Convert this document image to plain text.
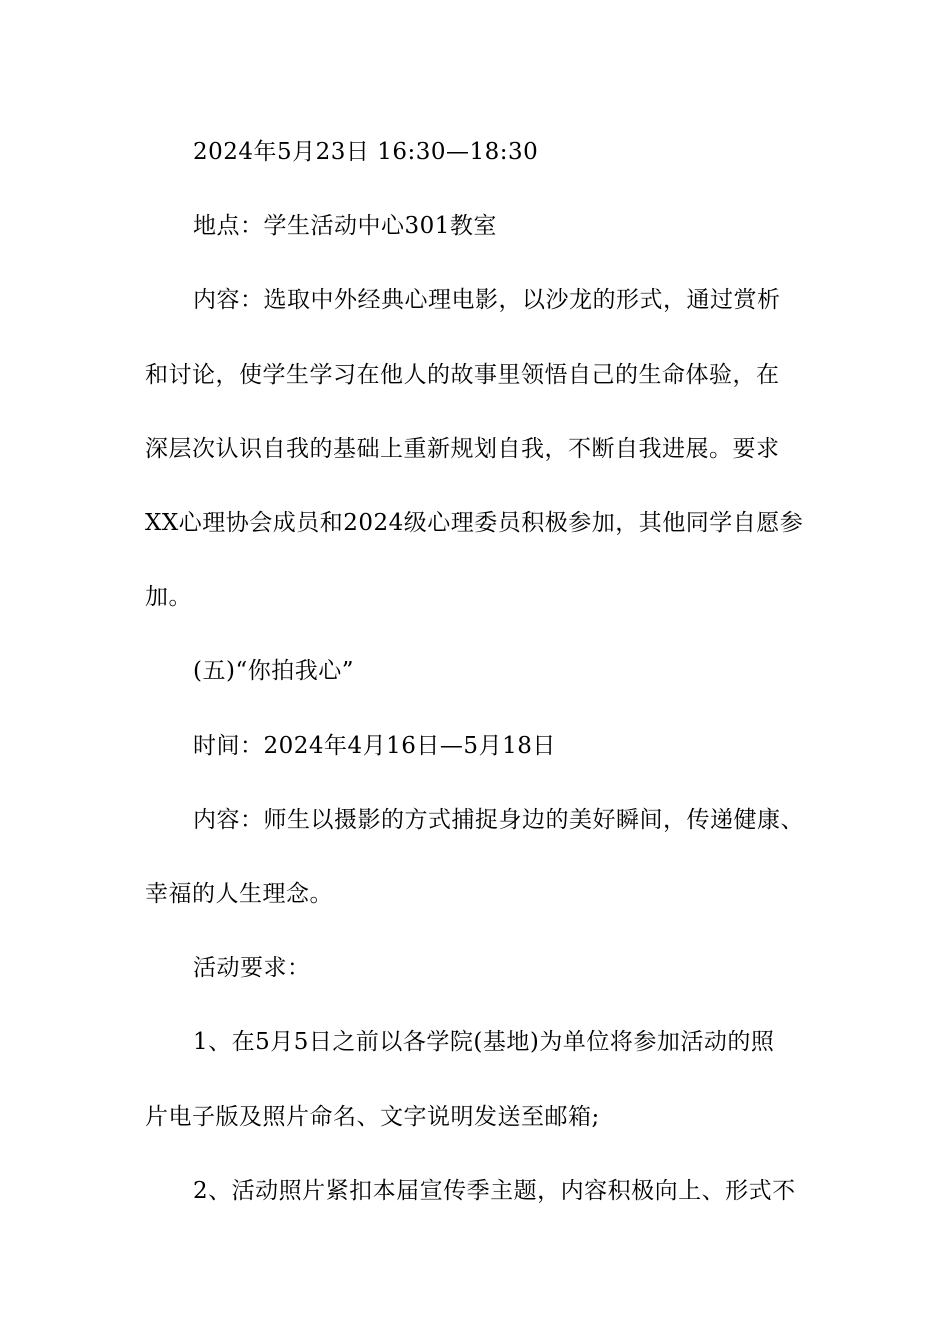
2024年5月23日 16:30—18:30
地点：学生活动中心301教室
内容：选取中外经典心理电影，以沙龙的形式，通过赏析
和讨论，使学生学习在他人的故事里领悟自己的生命体验，在
深层次认识自我的基础上重新规划自我，不断自我进展。要求
XX心理协会成员和2024级心理委员积极参加，其他同学自愿参
加。
(五)“你拍我心”
时间：2024年4月16日—5月18日
内容：师生以摄影的方式捕捉身边的美好瞬间，传递健康、
幸福的人生理念。
活动要求：
1、在5月5日之前以各学院(基地)为单位将参加活动的照
片电子版及照片命名、文字说明发送至邮箱;
2、活动照片紧扣本届宣传季主题，内容积极向上、形式不
